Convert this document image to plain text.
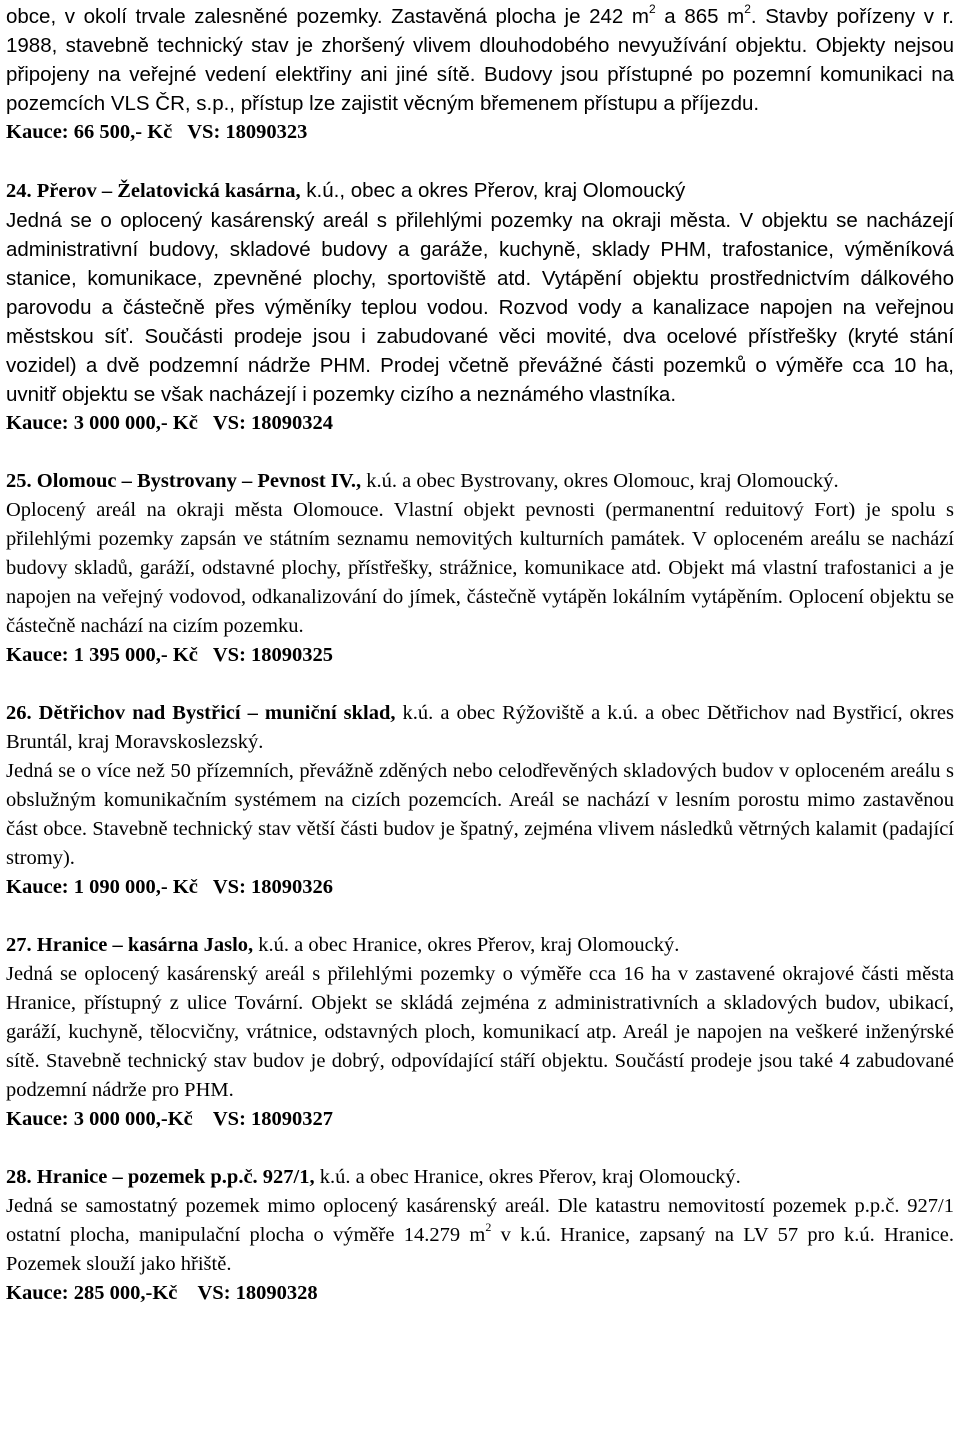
obce, v okolí trvale zalesněné pozemky. Zastavěná plocha je 242 $m^2$ a 865 $m^2$. Stavby pořízeny v r. 1988, stavebně technický stav je zhoršený vlivem dlouhodobého nevyužívání objektu. Objekty nejsou připojeny na veřejné vedení elektřiny ani jiné sítě. Budovy jsou přístupné po pozemní komunikaci na pozemcích VLS ČR, s.p., přístup lze zajistit věcným břemenem přístupu a příjezdu.

Kauce: 66 500,- Kč   VS: 18090323

24. Přerov – Želatovická kasárna, k.ú., obec a okres Přerov, kraj Olomoucký

Jedná se o oplocený kasárenský areál s přilehlými pozemky na okraji města. V objektu se nacházejí administrativní budovy, skladové budovy a garáže, kuchyně, sklady PHM, trafostanice, výměníková stanice, komunikace, zpevněné plochy, sportoviště atd. Vytápění objektu prostřednictvím dálkového parovodu a částečně přes výměníky teplou vodou. Rozvod vody a kanalizace napojen na veřejnou městskou síť. Součásti prodeje jsou i zabudované věci movité, dva ocelové přístřešky (kryté stání vozidel) a dvě podzemní nádrže PHM. Prodej včetně převážné části pozemků o výměře cca 10 ha, uvnitř objektu se však nacházejí i pozemky cizího a neznámého vlastníka.

Kauce: 3 000 000,- Kč   VS: 18090324

25. Olomouc – Bystrovany – Pevnost IV., k.ú. a obec Bystrovany, okres Olomouc, kraj Olomoucký.

Oplocený areál na okraji města Olomouce. Vlastní objekt pevnosti (permanentní reduitový Fort) je spolu s přilehlými pozemky zapsán ve státním seznamu nemovitých kulturních památek. V oploceném areálu se nachází budovy skladů, garáží, odstavné plochy, přístřešky, strážnice, komunikace atd. Objekt má vlastní trafostanici a je napojen na veřejný vodovod, odkanalizování do jímek, částečně vytápěn lokálním vytápěním. Oplocení objektu se částečně nachází na cizím pozemku.

Kauce: 1 395 000,- Kč   VS: 18090325

26. Dětřichov nad Bystřicí – muniční sklad, k.ú. a obec Rýžoviště a k.ú. a obec Dětřichov nad Bystřicí, okres Bruntál, kraj Moravskoslezský.

Jedná se o více než 50 přízemních, převážně zděných nebo celodřevěných skladových budov v oploceném areálu s obslužným komunikačním systémem na cizích pozemcích. Areál se nachází v lesním porostu mimo zastavěnou část obce. Stavebně technický stav větší části budov je špatný, zejména vlivem následků větrných kalamit (padající stromy).

Kauce: 1 090 000,- Kč   VS: 18090326

27. Hranice – kasárna Jaslo, k.ú. a obec Hranice, okres Přerov, kraj Olomoucký.

Jedná se oplocený kasárenský areál s přilehlými pozemky o výměře cca 16 ha v zastavené okrajové části města Hranice, přístupný z ulice Tovární. Objekt se skládá zejména z administrativních a skladových budov, ubikací, garáží, kuchyně, tělocvičny, vrátnice, odstavných ploch, komunikací atp. Areál je napojen na veškeré inženýrské sítě. Stavebně technický stav budov je dobrý, odpovídající stáří objektu. Součástí prodeje jsou také 4 zabudované podzemní nádrže pro PHM.

Kauce: 3 000 000,-Kč    VS: 18090327

28. Hranice – pozemek p.p.č. 927/1, k.ú. a obec Hranice, okres Přerov, kraj Olomoucký.

Jedná se samostatný pozemek mimo oplocený kasárenský areál. Dle katastru nemovitostí pozemek p.p.č. 927/1 ostatní plocha, manipulační plocha o výměře 14.279 $m^2$ v k.ú. Hranice, zapsaný na LV 57 pro k.ú. Hranice. Pozemek slouží jako hřiště.

Kauce: 285 000,-Kč    VS: 18090328
